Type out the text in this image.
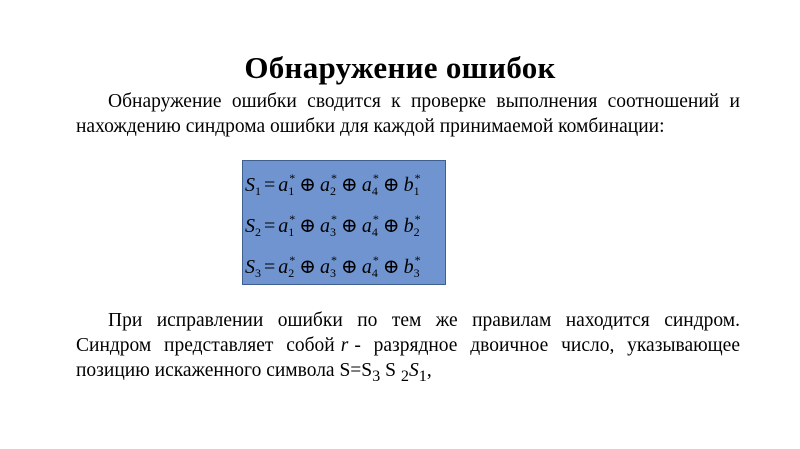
Обнаружение ошибок
Обнаружение ошибки сводится к проверке выполнения соотношений и нахождению синдрома ошибки для каждой принимаемой комбинации:
$S_1 = a_1^*$ ⊕ $a_2^*$ ⊕ $a_4^*$ ⊕ $b_1^*$
$S_2 = a_1^*$ ⊕ $a_3^*$ ⊕ $a_4^*$ ⊕ $b_2^*$
$S_3 = a_2^*$ ⊕ $a_3^*$ ⊕ $a_4^*$ ⊕ $b_3^*$
При исправлении ошибки по тем же правилам находится синдром. Синдром представляет собой r - разрядное двоичное число, указывающее позицию искаженного символа $S=S_3$ S $_2S_1$,
